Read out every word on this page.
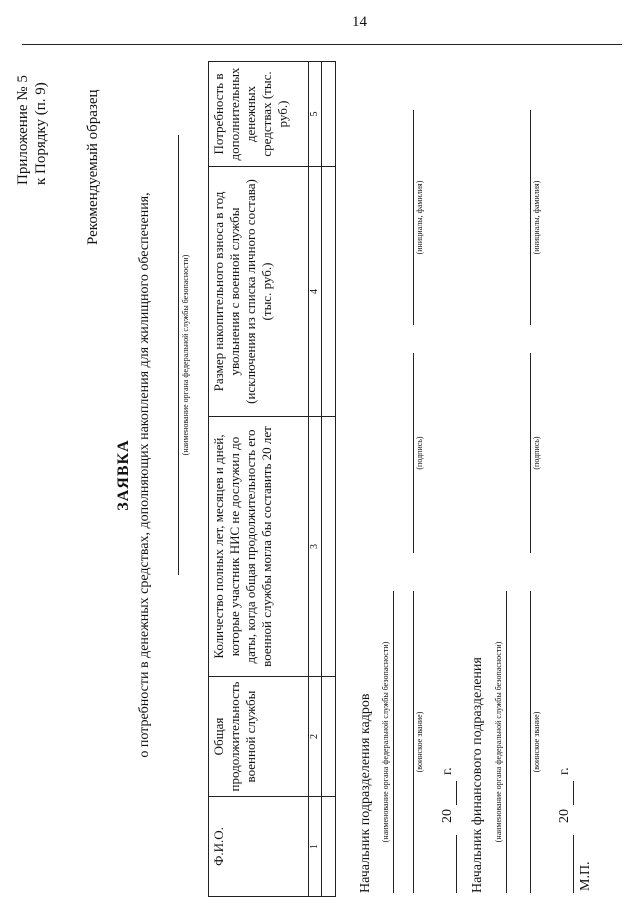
14
Приложение № 5 к Порядку (п. 9) Рекомендуемый образец
ЗАЯВКА о потребности в денежных средствах, дополняющих накопления для жилищного обеспечения,	(наименование органа федеральной службы безопасности)
Ф.И.О.	Общая продолжительность военной службы	Количество полных лет, месяцев и дней, которые участник НИС не дослужил до даты, когда общая продолжительность его военной службы могла бы составить 20 лет	Размер накопительного взноса в год увольнения с военной службы (исключения из списка личного состава) (тыс. руб.)	Потребность в дополнительных денежных средствах (тыс. руб.)
1	2	3	4	5

Начальник подразделения кадров (наименование органа федеральной службы безопасности)	(воинское звание)
(подпись)
(инициалы, фамилия)
20
г. Начальник финансового подразделения (наименование органа федеральной службы безопасности)	(воинское звание)
(подпись)
(инициалы, фамилия)
20
г.
М.П.
